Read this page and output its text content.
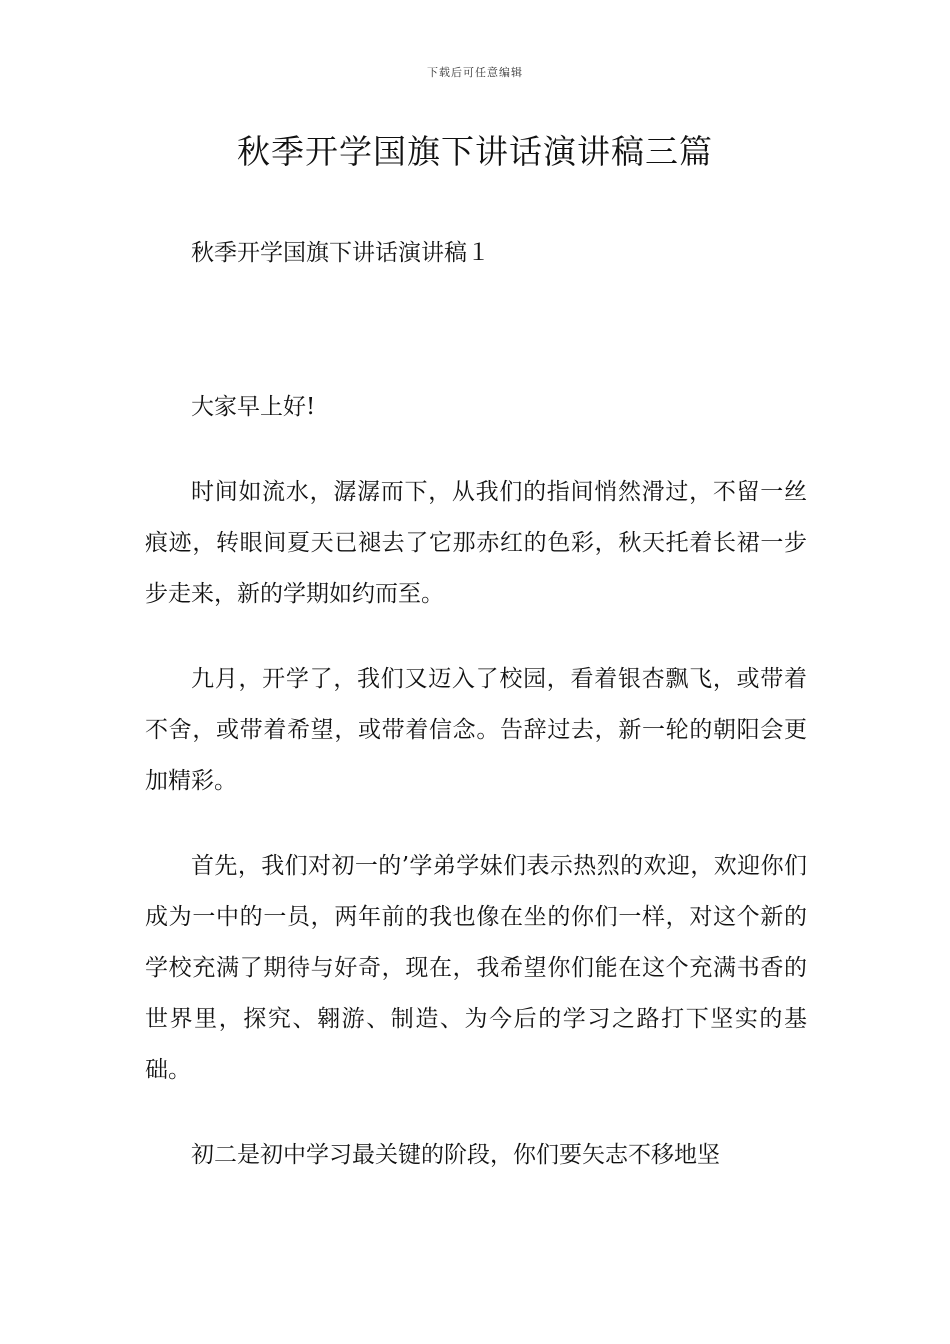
下载后可任意编辑
秋季开学国旗下讲话演讲稿三篇

秋季开学国旗下讲话演讲稿１

大家早上好!

时间如流水，潺潺而下，从我们的指间悄然滑过，不留一丝痕迹，转眼间夏天已褪去了它那赤红的色彩，秋天托着长裙一步步走来，新的学期如约而至。

九月，开学了，我们又迈入了校园，看着银杏飘飞，或带着不舍，或带着希望，或带着信念。告辞过去，新一轮的朝阳会更加精彩。

首先，我们对初一的’学弟学妹们表示热烈的欢迎，欢迎你们成为一中的一员，两年前的我也像在坐的你们一样，对这个新的学校充满了期待与好奇，现在，我希望你们能在这个充满书香的世界里，探究、翱游、制造、为今后的学习之路打下坚实的基础。

初二是初中学习最关键的阶段，你们要矢志不移地坚
